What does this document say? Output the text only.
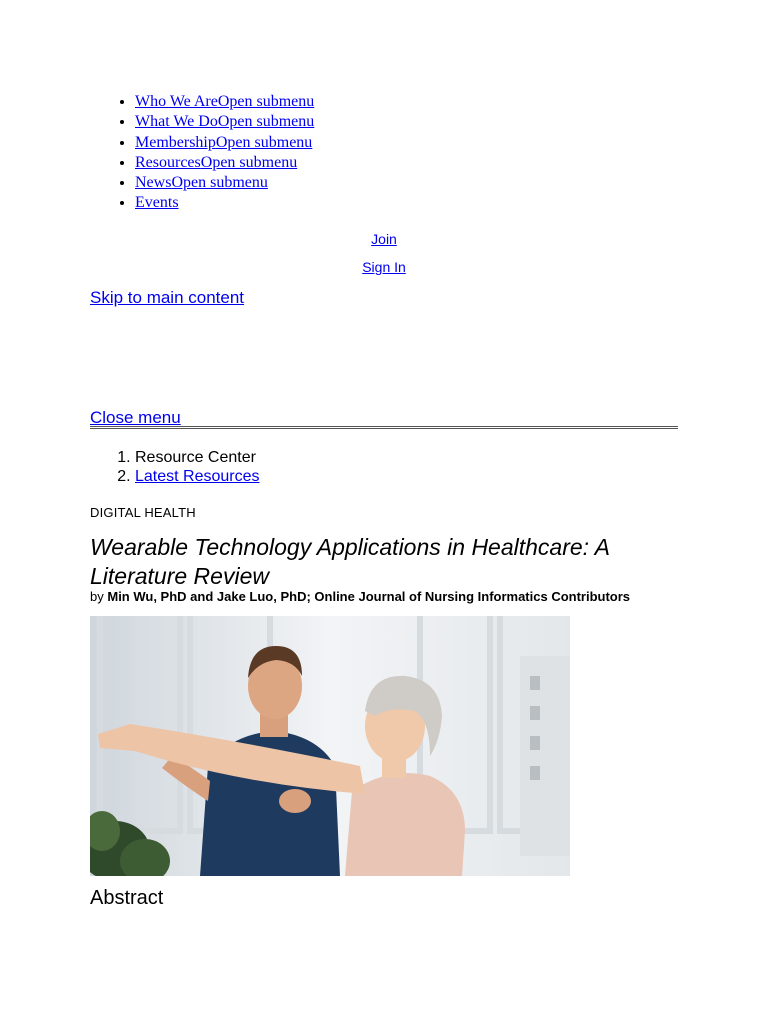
• Who We AreOpen submenu
• What We DoOpen submenu
• MembershipOpen submenu
• ResourcesOpen submenu
• NewsOpen submenu
• Events
Join
Sign In
Skip to main content
Close menu
1. Resource Center
2. Latest Resources
DIGITAL HEALTH
Wearable Technology Applications in Healthcare: A Literature Review
by Min Wu, PhD and Jake Luo, PhD; Online Journal of Nursing Informatics Contributors
Abstract
